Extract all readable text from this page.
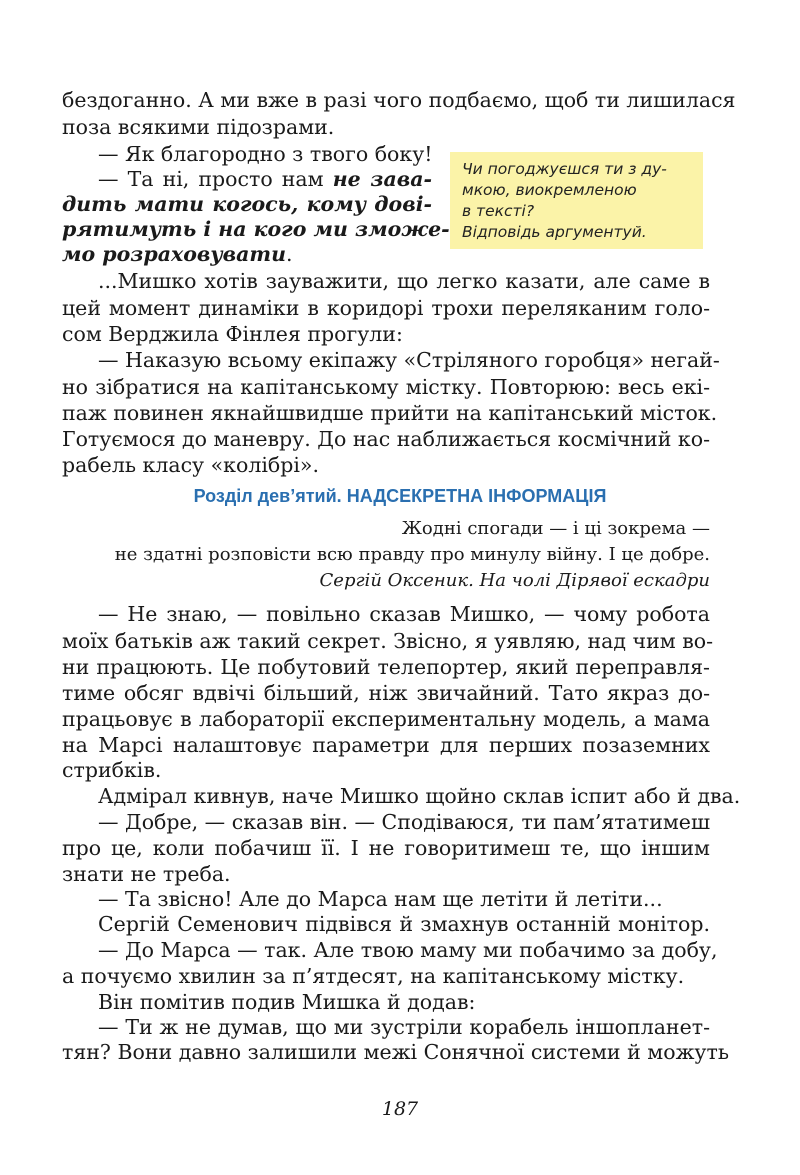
бездоганно. А ми вже в разі чого подбаємо, щоб ти лишилася
поза всякими підозрами.
— Як благородно з твого боку!
— Та ні, просто нам не зава-
дить мати когось, кому дові-
рятимуть і на кого ми зможе-
мо розраховувати.
...Мишко хотів зауважити, що легко казати, але саме в
цей момент динаміки в коридорі трохи переляканим голо-
сом Верджила Фінлея прогули:
— Наказую всьому екіпажу «Стріляного горобця» негай-
но зібратися на капітанському містку. Повторюю: весь екі-
паж повинен якнайшвидше прийти на капітанський місток.
Готуємося до маневру. До нас наближається космічний ко-
рабель класу «колібрі».
Чи погоджуєшся ти з ду-
мкою, виокремленою
в тексті?
Відповідь аргументуй.
Розділ дев’ятий. НАДСЕКРЕТНА ІНФОРМАЦІЯ
Жодні спогади — і ці зокрема —
не здатні розповісти всю правду про минулу війну. І це добре.
Сергій Оксеник. На чолі Дірявої ескадри
— Не знаю, — повільно сказав Мишко, — чому робота
моїх батьків аж такий секрет. Звісно, я уявляю, над чим во-
ни працюють. Це побутовий телепортер, який переправля-
тиме обсяг вдвічі більший, ніж звичайний. Тато якраз до-
працьовує в лабораторії експериментальну модель, а мама
на Марсі налаштовує параметри для перших позаземних
стрибків.
Адмірал кивнув, наче Мишко щойно склав іспит або й два.
— Добре, — сказав він. — Сподіваюся, ти пам’ятатимеш
про це, коли побачиш її. І не говоритимеш те, що іншим
знати не треба.
— Та звісно! Але до Марса нам ще летіти й летіти...
Сергій Семенович підвівся й змахнув останній монітор.
— До Марса — так. Але твою маму ми побачимо за добу,
а почуємо хвилин за п’ятдесят, на капітанському містку.
Він помітив подив Мишка й додав:
— Ти ж не думав, що ми зустріли корабель іншопланет-
тян? Вони давно залишили межі Сонячної системи й можуть
187
